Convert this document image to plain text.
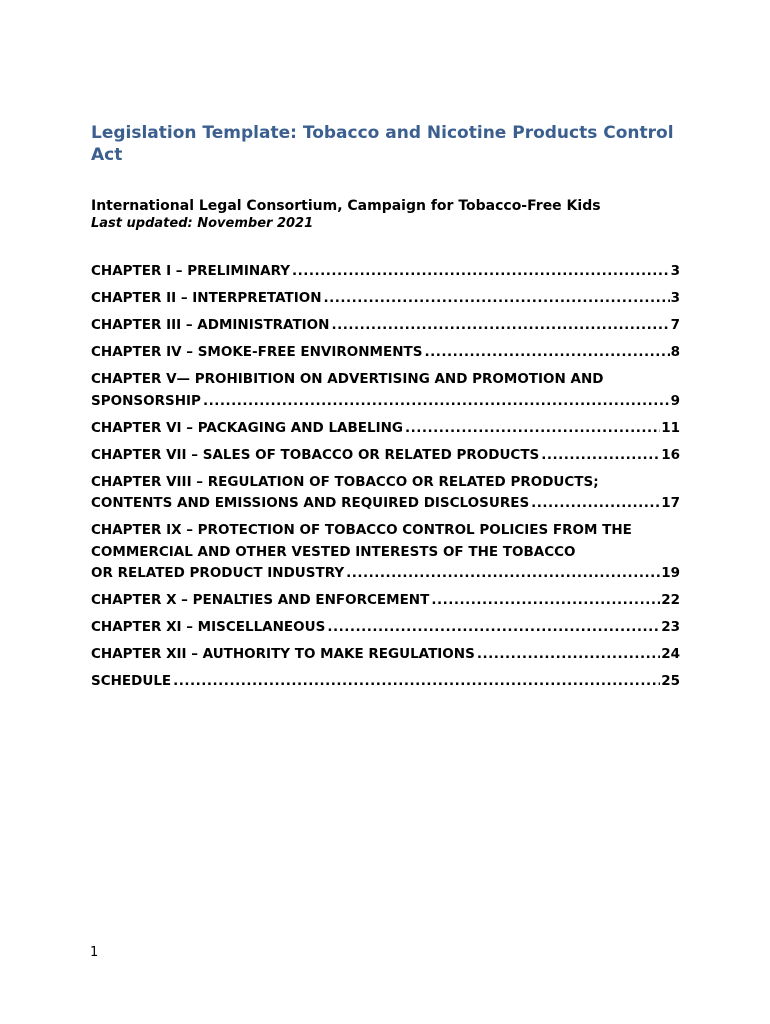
Legislation Template: Tobacco and Nicotine Products Control Act
International Legal Consortium, Campaign for Tobacco-Free Kids
Last updated: November 2021
CHAPTER I – PRELIMINARY .....	3
CHAPTER II – INTERPRETATION .....	3
CHAPTER III – ADMINISTRATION .....	7
CHAPTER IV – SMOKE-FREE ENVIRONMENTS .....	8
CHAPTER V— PROHIBITION ON ADVERTISING AND PROMOTION AND
SPONSORSHIP .....	9
CHAPTER VI – PACKAGING AND LABELING .....	11
CHAPTER VII – SALES OF TOBACCO OR RELATED PRODUCTS .....	16
CHAPTER VIII – REGULATION OF TOBACCO OR RELATED PRODUCTS;
CONTENTS AND EMISSIONS AND REQUIRED DISCLOSURES .....	17
CHAPTER IX – PROTECTION OF TOBACCO CONTROL POLICIES FROM THE COMMERCIAL AND OTHER VESTED INTERESTS OF THE TOBACCO
OR RELATED PRODUCT INDUSTRY .....	19
CHAPTER X – PENALTIES AND ENFORCEMENT .....	22
CHAPTER XI – MISCELLANEOUS .....	23
CHAPTER XII – AUTHORITY TO MAKE REGULATIONS .....	24
SCHEDULE .....	25
1
